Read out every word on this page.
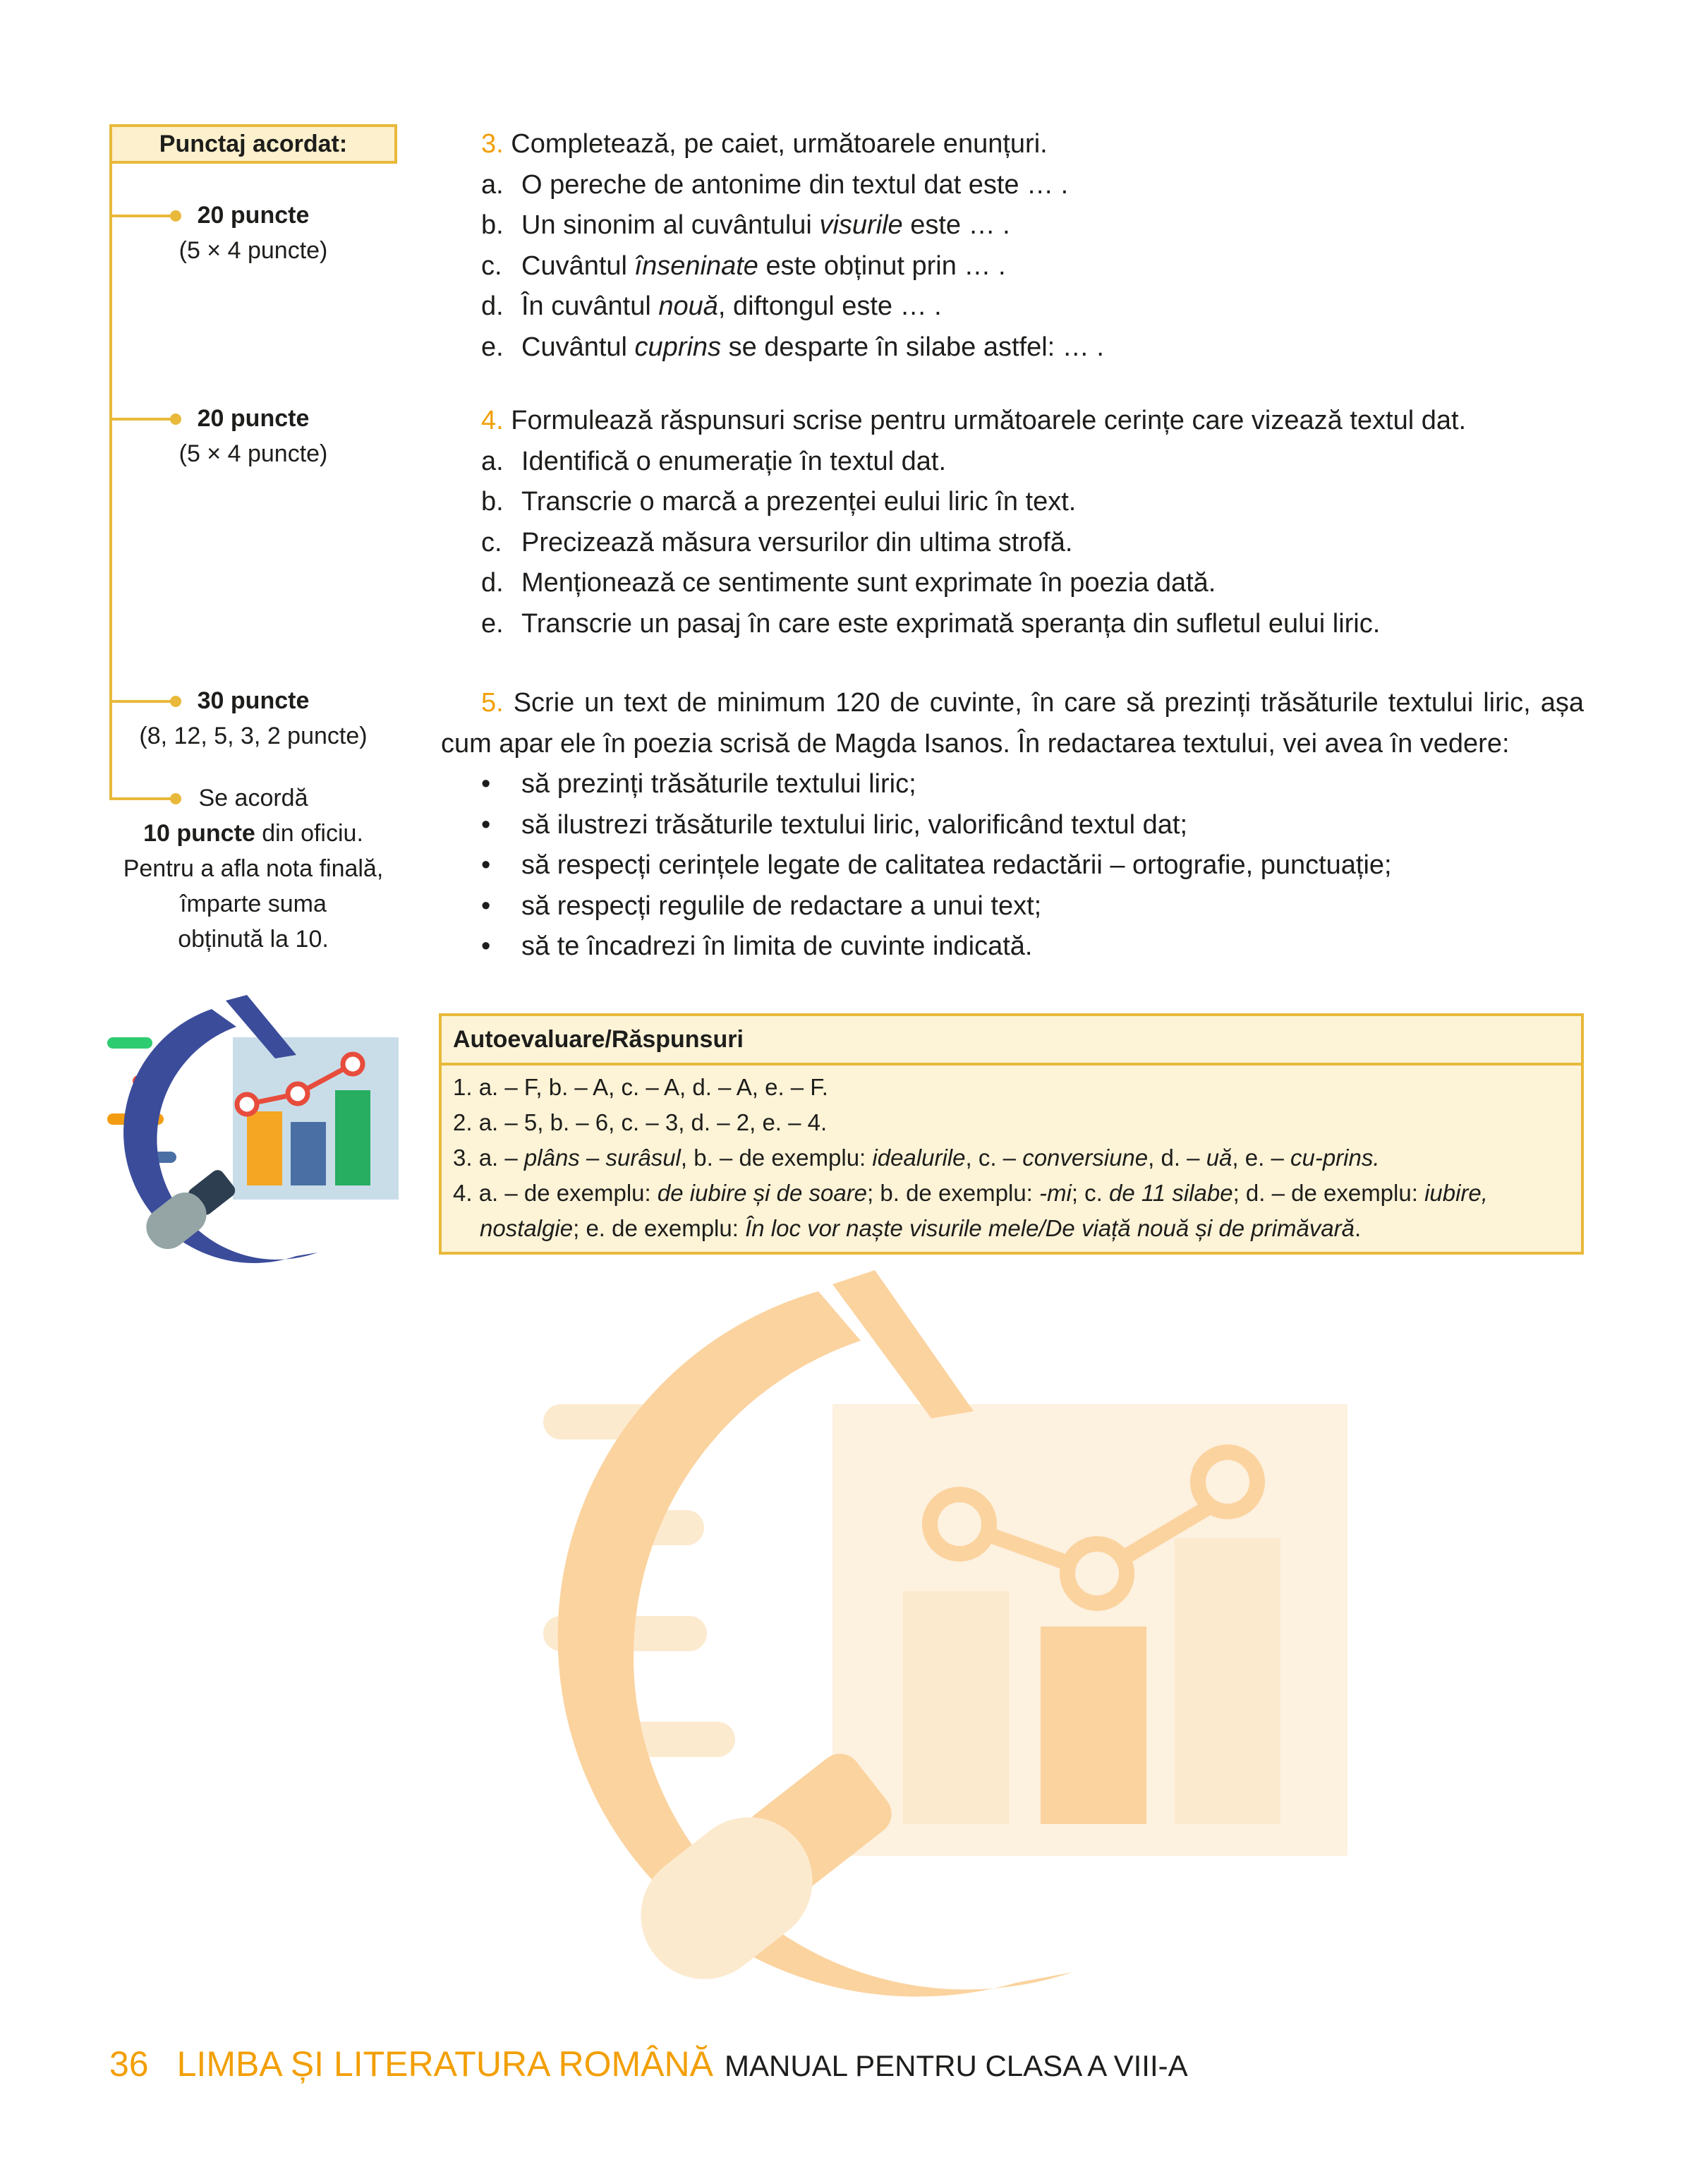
Punctaj acordat:
20 puncte
(5 × 4 puncte)
20 puncte
(5 × 4 puncte)
30 puncte
(8, 12, 5, 3, 2 puncte)
Se acordă
10 puncte din oficiu.
Pentru a afla nota finală,
împarte suma
obținută la 10.
3. Completează, pe caiet, următoarele enunțuri.
a. O pereche de antonime din textul dat este … .
b. Un sinonim al cuvântului visurile este … .
c. Cuvântul înseninate este obținut prin … .
d. În cuvântul nouă, diftongul este … .
e. Cuvântul cuprins se desparte în silabe astfel: … .
4. Formulează răspunsuri scrise pentru următoarele cerințe care vizează textul dat.
a. Identifică o enumerație în textul dat.
b. Transcrie o marcă a prezenței eului liric în text.
c. Precizează măsura versurilor din ultima strofă.
d. Menționează ce sentimente sunt exprimate în poezia dată.
e. Transcrie un pasaj în care este exprimată speranța din sufletul eului liric.
5. Scrie un text de minimum 120 de cuvinte, în care să prezinți trăsăturile textului liric, așa cum apar ele în poezia scrisă de Magda Isanos. În redactarea textului, vei avea în vedere:
•	să prezinți trăsăturile textului liric;
•	să ilustrezi trăsăturile textului liric, valorificând textul dat;
•	să respecți cerințele legate de calitatea redactării – ortografie, punctuație;
•	să respecți regulile de redactare a unui text;
•	să te încadrezi în limita de cuvinte indicată.
Autoevaluare/Răspunsuri
1. a. – F, b. – A, c. – A, d. – A, e. – F.
2. a. – 5, b. – 6, c. – 3, d. – 2, e. – 4.
3. a. – plâns – surâsul, b. – de exemplu: idealurile, c. – conversiune, d. – uă, e. – cu-prins.
4. a. – de exemplu: de iubire și de soare; b. de exemplu: -mi; c. de 11 silabe; d. – de exemplu: iubire,
nostalgie; e. de exemplu: În loc vor naște visurile mele/De viață nouă și de primăvară.
36 LIMBA ȘI LITERATURA ROMÂNĂ MANUAL PENTRU CLASA A VIII-A
